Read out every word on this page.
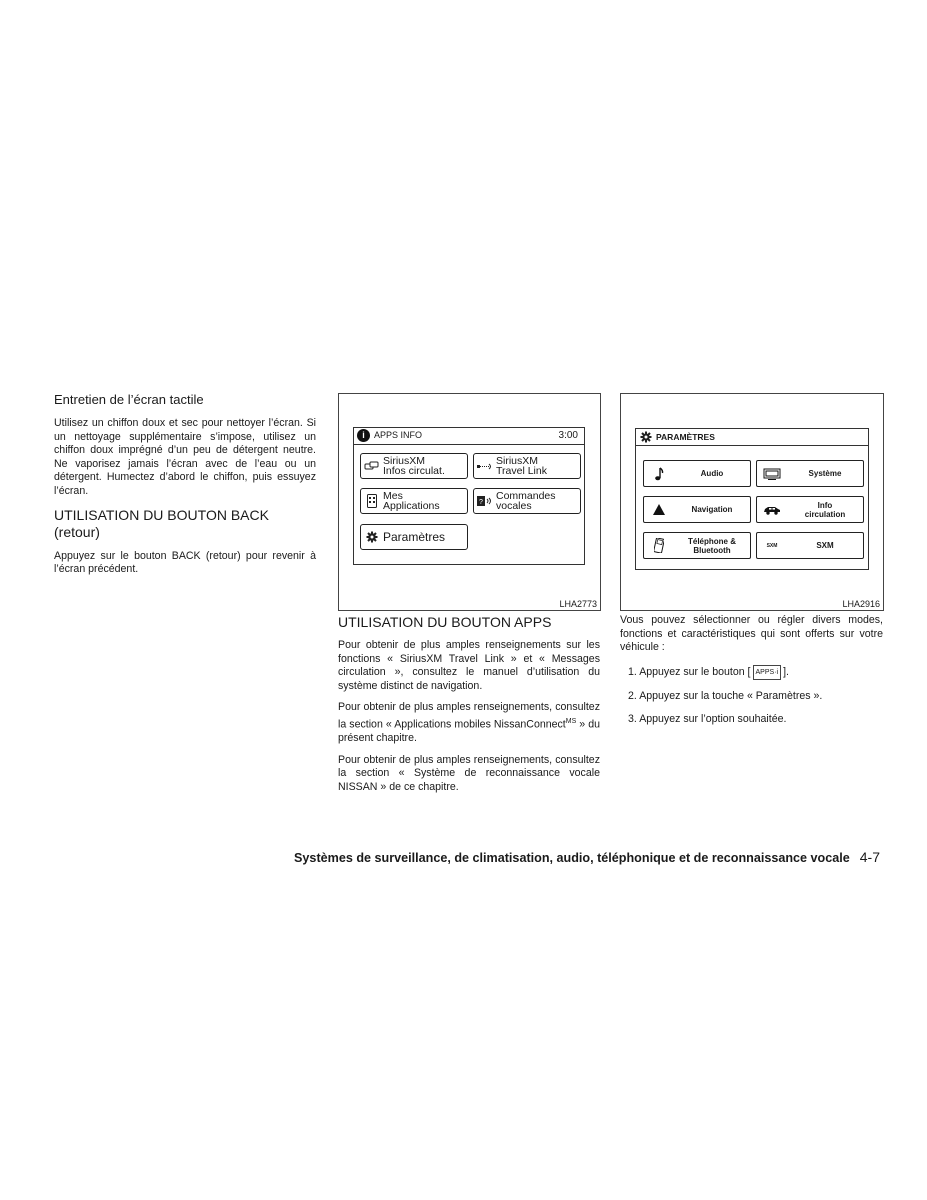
Entretien de l’écran tactile

Utilisez un chiffon doux et sec pour nettoyer l’écran. Si un nettoyage supplémentaire s’impose, utilisez un chiffon doux imprégné d’un peu de détergent neutre. Ne vaporisez jamais l’écran avec de l’eau ou un détergent. Humectez d’abord le chiffon, puis essuyez l’écran.

UTILISATION DU BOUTON BACK (retour)

Appuyez sur le bouton BACK (retour) pour revenir à l’écran précédent.

i	APPS INFO	3:00
SiriusXM
Infos circulat.
SiriusXM
Travel Link
Mes
Applications	?
Commandes
vocales
Paramètres
LHA2773
PARAMÈTRES
Audio	Système
Navigation	Info
circulation
Téléphone &
Bluetooth	SXM	SXM
LHA2916
UTILISATION DU BOUTON APPS

Pour obtenir de plus amples renseignements sur les fonctions « SiriusXM Travel Link » et « Messages circulation », consultez le manuel d’utilisation du système distinct de navigation.

Pour obtenir de plus amples renseignements, consultez la section « Applications mobiles NissanConnect$^{MS}$ » du présent chapitre.

Pour obtenir de plus amples renseignements, consultez la section « Système de reconnaissance vocale NISSAN » de ce chapitre.

Vous pouvez sélectionner ou régler divers modes, fonctions et caractéristiques qui sont offerts sur votre véhicule :

1. Appuyez sur le bouton [ APPS·i ].
2. Appuyez sur la touche « Paramètres ».
3. Appuyez sur l’option souhaitée.
Systèmes de surveillance, de climatisation, audio, téléphonique et de reconnaissance vocale 4-7
